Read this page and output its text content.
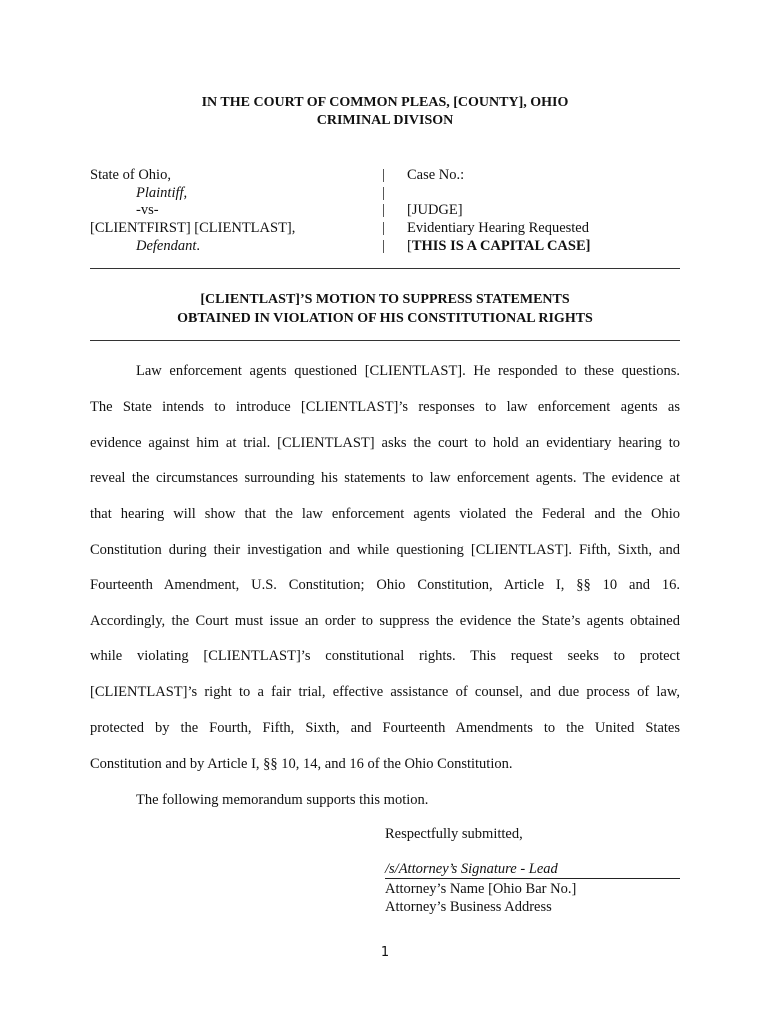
IN THE COURT OF COMMON PLEAS, [COUNTY], OHIO
CRIMINAL DIVISON
State of Ohio,
Plaintiff,
-vs-
[CLIENTFIRST] [CLIENTLAST],
Defendant.
|
|
|
|
|
Case No.:
[JUDGE]
Evidentiary Hearing Requested
[THIS IS A CAPITAL CASE]
[CLIENTLAST]’S MOTION TO SUPPRESS STATEMENTS
OBTAINED IN VIOLATION OF HIS CONSTITUTIONAL RIGHTS
Law enforcement agents questioned [CLIENTLAST]. He responded to these questions.
The State intends to introduce [CLIENTLAST]’s responses to law enforcement agents as
evidence against him at trial. [CLIENTLAST] asks the court to hold an evidentiary hearing to
reveal the circumstances surrounding his statements to law enforcement agents. The evidence at
that hearing will show that the law enforcement agents violated the Federal and the Ohio
Constitution during their investigation and while questioning [CLIENTLAST]. Fifth, Sixth, and
Fourteenth Amendment, U.S. Constitution; Ohio Constitution, Article I, §§ 10 and 16.
Accordingly, the Court must issue an order to suppress the evidence the State’s agents obtained
while violating [CLIENTLAST]’s constitutional rights. This request seeks to protect
[CLIENTLAST]’s right to a fair trial, effective assistance of counsel, and due process of law,
protected by the Fourth, Fifth, Sixth, and Fourteenth Amendments to the United States
Constitution and by Article I, §§ 10, 14, and 16 of the Ohio Constitution.
The following memorandum supports this motion.
Respectfully submitted,
/s/Attorney’s Signature - Lead
Attorney’s Name [Ohio Bar No.]
Attorney’s Business Address
1
